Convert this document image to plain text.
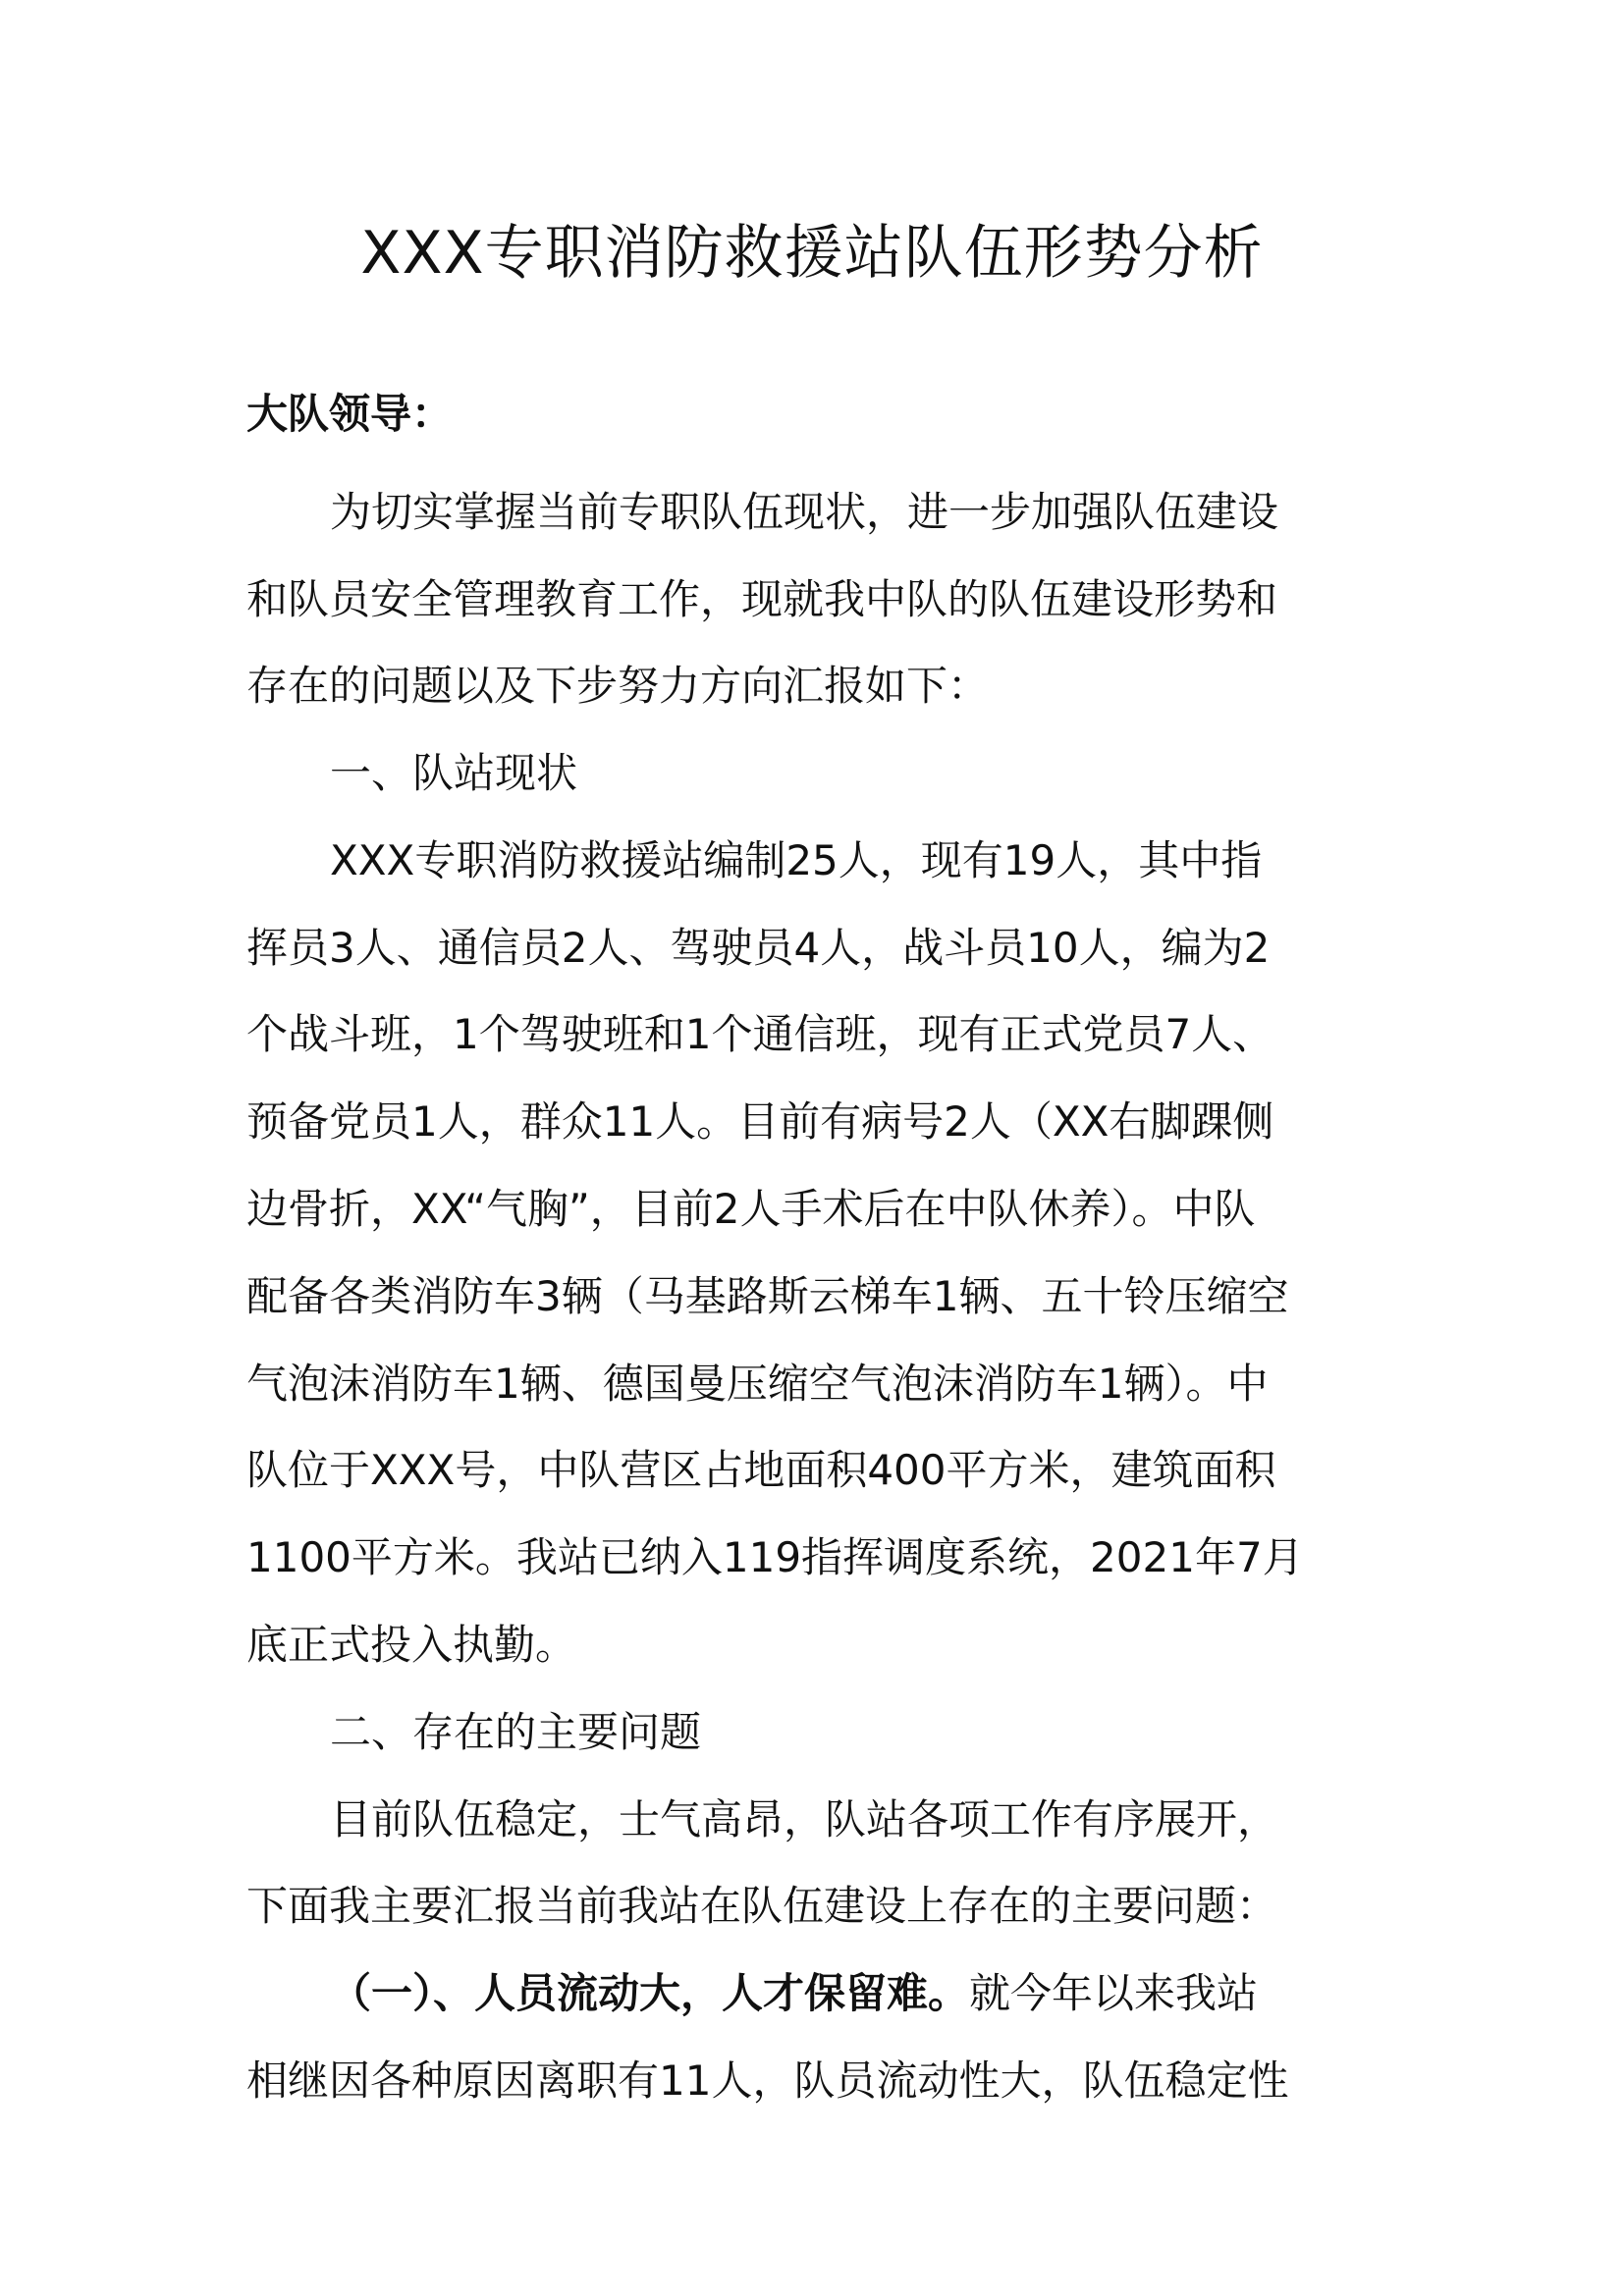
XXX专职消防救援站队伍形势分析
大队领导：
为切实掌握当前专职队伍现状，进一步加强队伍建设
和队员安全管理教育工作，现就我中队的队伍建设形势和
存在的问题以及下步努力方向汇报如下：
一、队站现状
XXX专职消防救援站编制25人，现有19人，其中指
挥员3人、通信员2人、驾驶员4人，战斗员10人，编为2
个战斗班，1个驾驶班和1个通信班，现有正式党员7人、
预备党员1人，群众11人。目前有病号2人（XX右脚踝侧
边骨折，XX“气胸”，目前2人手术后在中队休养）。中队
配备各类消防车3辆（马基路斯云梯车1辆、五十铃压缩空
气泡沫消防车1辆、德国曼压缩空气泡沫消防车1辆）。中
队位于XXX号，中队营区占地面积400平方米，建筑面积
1100平方米。我站已纳入119指挥调度系统，2021年7月
底正式投入执勤。
二、存在的主要问题
目前队伍稳定，士气高昂，队站各项工作有序展开，
下面我主要汇报当前我站在队伍建设上存在的主要问题：
（一）、人员流动大，人才保留难。就今年以来我站
相继因各种原因离职有11人，队员流动性大，队伍稳定性
